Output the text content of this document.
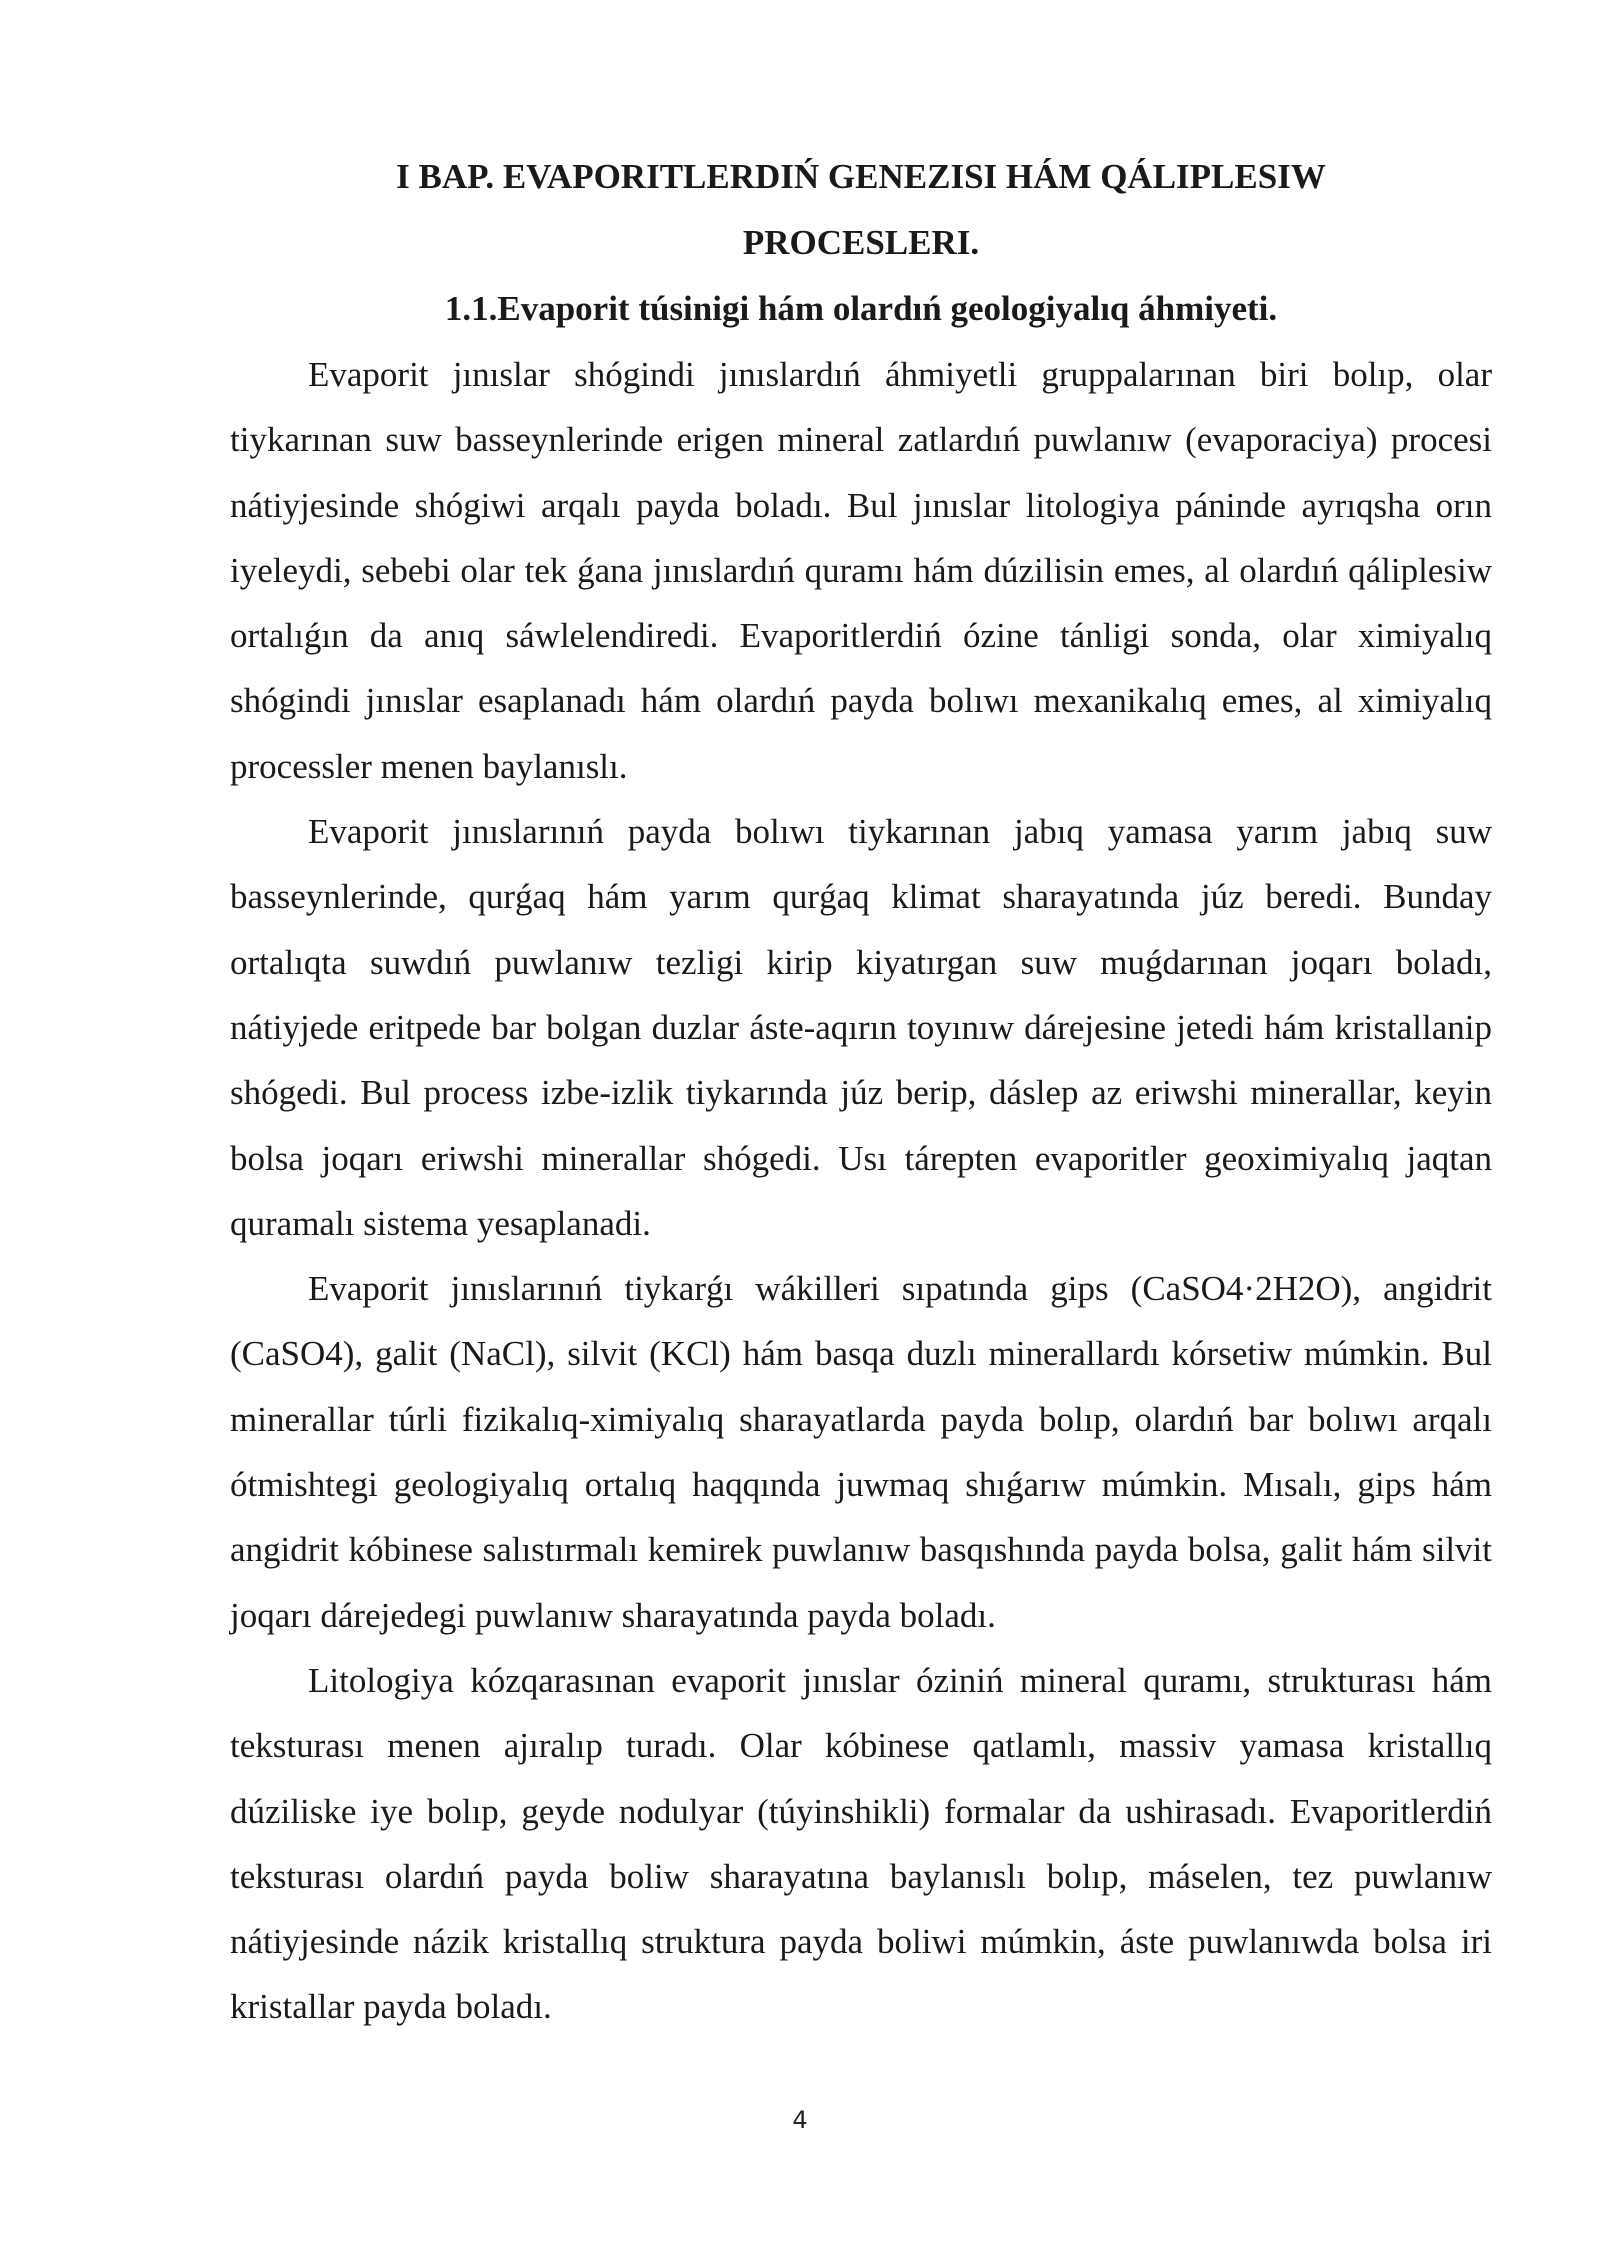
I BAP. EVAPORITLERDIŃ GENEZISI HÁM QÁLIPLESIW PROCESLERI.
1.1.Evaporit túsinigi hám olardıń geologiyalıq áhmiyeti.

Evaporit jınıslar shógindi jınıslardıń áhmiyetli gruppalarınan biri bolıp, olar tiykarınan suw basseynlerinde erigen mineral zatlardıń puwlanıw (evaporaciya) procesi nátiyjesinde shógiwi arqalı payda boladı. Bul jınıslar litologiya páninde ayrıqsha orın iyeleydi, sebebi olar tek ǵana jınıslardıń quramı hám dúzilisin emes, al olardıń qáliplesiw ortalıǵın da anıq sáwlelendiredi. Evaporitlerdiń ózine tánligi sonda, olar ximiyalıq shógindi jınıslar esaplanadı hám olardıń payda bolıwı mexanikalıq emes, al ximiyalıq processler menen baylanıslı.

Evaporit jınıslarınıń payda bolıwı tiykarınan jabıq yamasa yarım jabıq suw basseynlerinde, qurǵaq hám yarım qurǵaq klimat sharayatında júz beredi. Bunday ortalıqta suwdıń puwlanıw tezligi kirip kiyatırgan suw muǵdarınan joqarı boladı, nátiyjede eritpede bar bolgan duzlar áste-aqırın toyınıw dárejesine jetedi hám kristallanip shógedi. Bul process izbe-izlik tiykarında júz berip, dáslep az eriwshi minerallar, keyin bolsa joqarı eriwshi minerallar shógedi. Usı tárepten evaporitler geoximiyalıq jaqtan quramalı sistema yesaplanadi.

Evaporit jınıslarınıń tiykarǵı wákilleri sıpatında gips (CaSO4·2H2O), angidrit (CaSO4), galit (NaCl), silvit (KCl) hám basqa duzlı minerallardı kórsetiw múmkin. Bul minerallar túrli fizikalıq-ximiyalıq sharayatlarda payda bolıp, olardıń bar bolıwı arqalı ótmishtegi geologiyalıq ortalıq haqqında juwmaq shıǵarıw múmkin. Mısalı, gips hám angidrit kóbinese salıstırmalı kemirek puwlanıw basqıshında payda bolsa, galit hám silvit joqarı dárejedegi puwlanıw sharayatında payda boladı.

Litologiya kózqarasınan evaporit jınıslar óziniń mineral quramı, strukturası hám teksturası menen ajıralıp turadı. Olar kóbinese qatlamlı, massiv yamasa kristallıq dúziliske iye bolıp, geyde nodulyar (túyinshikli) formalar da ushirasadı. Evaporitlerdiń teksturası olardıń payda boliw sharayatına baylanıslı bolıp, máselen, tez puwlanıw nátiyjesinde názik kristallıq struktura payda boliwi múmkin, áste puwlanıwda bolsa iri kristallar payda boladı.

4
